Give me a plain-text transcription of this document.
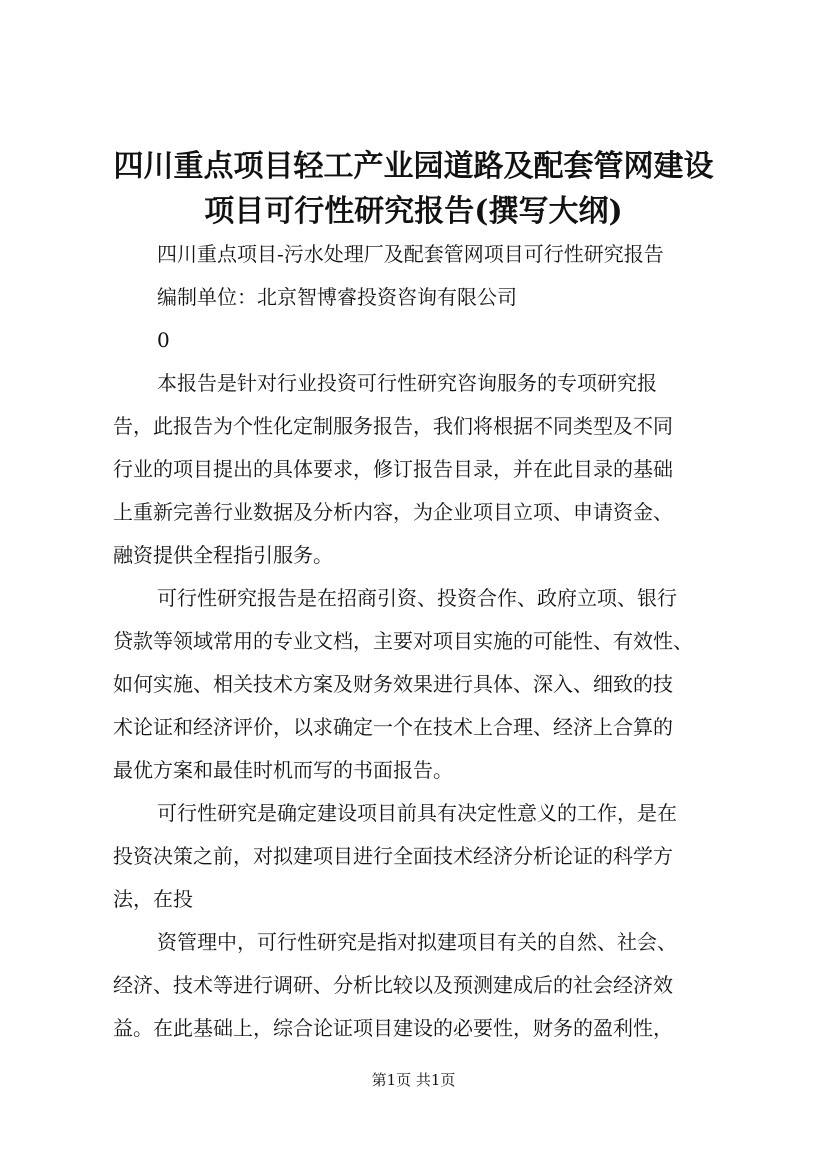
四川重点项目轻工产业园道路及配套管网建设
项目可行性研究报告(撰写大纲)
四川重点项目-污水处理厂及配套管网项目可行性研究报告
编制单位：北京智博睿投资咨询有限公司
0
本报告是针对行业投资可行性研究咨询服务的专项研究报
告，此报告为个性化定制服务报告，我们将根据不同类型及不同
行业的项目提出的具体要求，修订报告目录，并在此目录的基础
上重新完善行业数据及分析内容，为企业项目立项、申请资金、
融资提供全程指引服务。
可行性研究报告是在招商引资、投资合作、政府立项、银行
贷款等领域常用的专业文档，主要对项目实施的可能性、有效性、
如何实施、相关技术方案及财务效果进行具体、深入、细致的技
术论证和经济评价，以求确定一个在技术上合理、经济上合算的
最优方案和最佳时机而写的书面报告。
可行性研究是确定建设项目前具有决定性意义的工作，是在
投资决策之前，对拟建项目进行全面技术经济分析论证的科学方
法，在投
资管理中，可行性研究是指对拟建项目有关的自然、社会、
经济、技术等进行调研、分析比较以及预测建成后的社会经济效
益。在此基础上，综合论证项目建设的必要性，财务的盈利性，
第1页 共1页
